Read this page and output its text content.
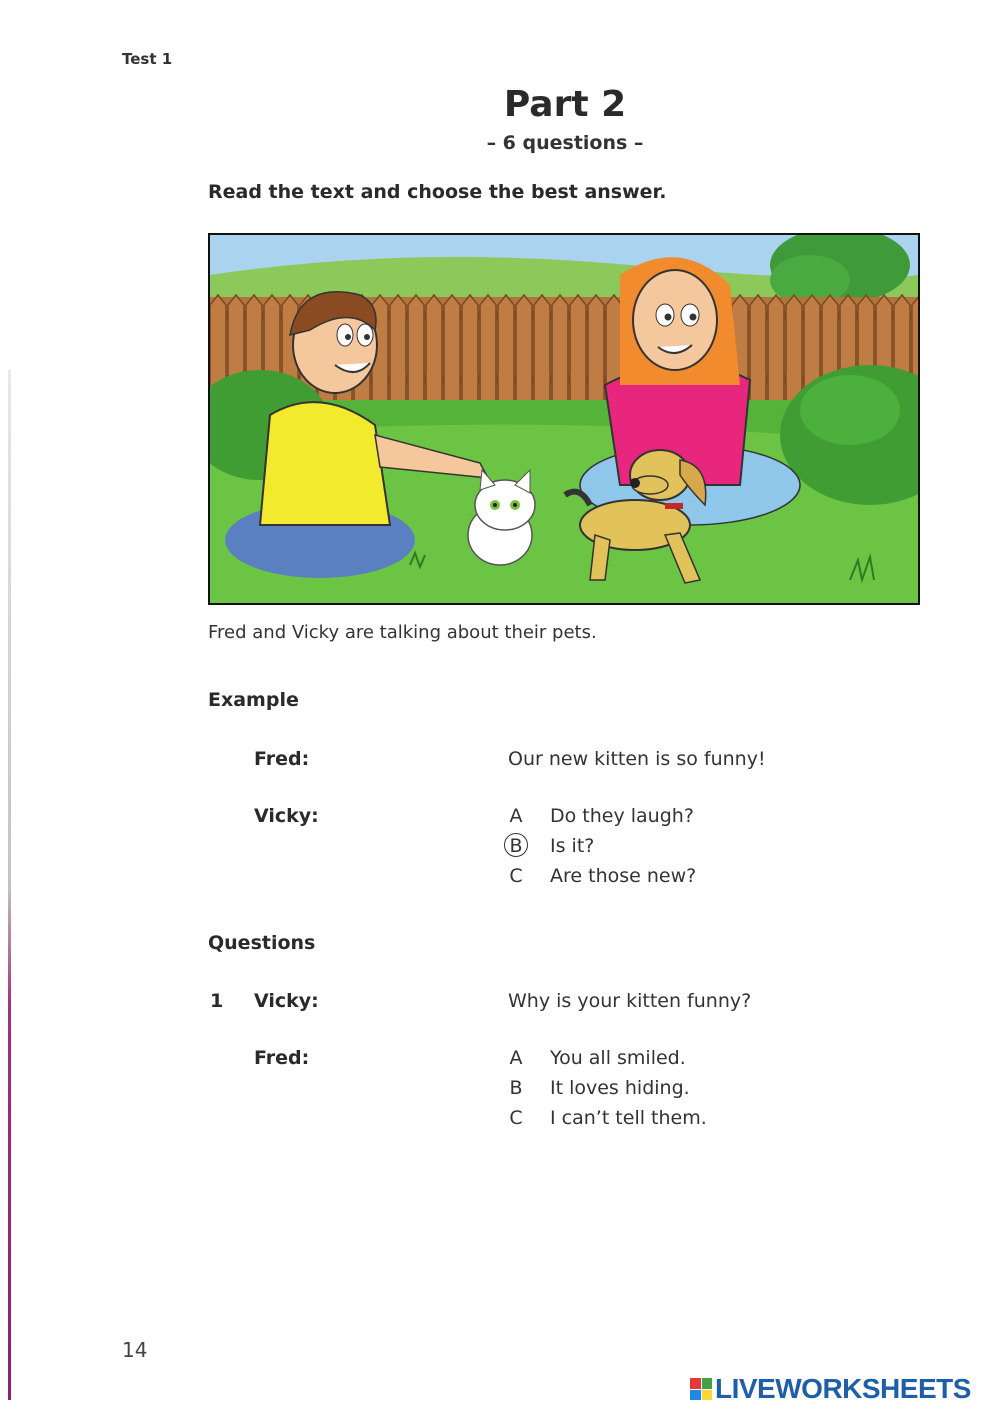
Test 1
Part 2
– 6 questions –
Read the text and choose the best answer.
Fred and Vicky are talking about their pets.
Example
Fred:	Our new kitten is so funny!
Vicky:	A Do they laugh?
B Is it?
C Are those new?
Questions
1 Vicky:	Why is your kitten funny?
Fred:	A You all smiled.
B It loves hiding.
C I can’t tell them.
14
LIVEWORKSHEETS
